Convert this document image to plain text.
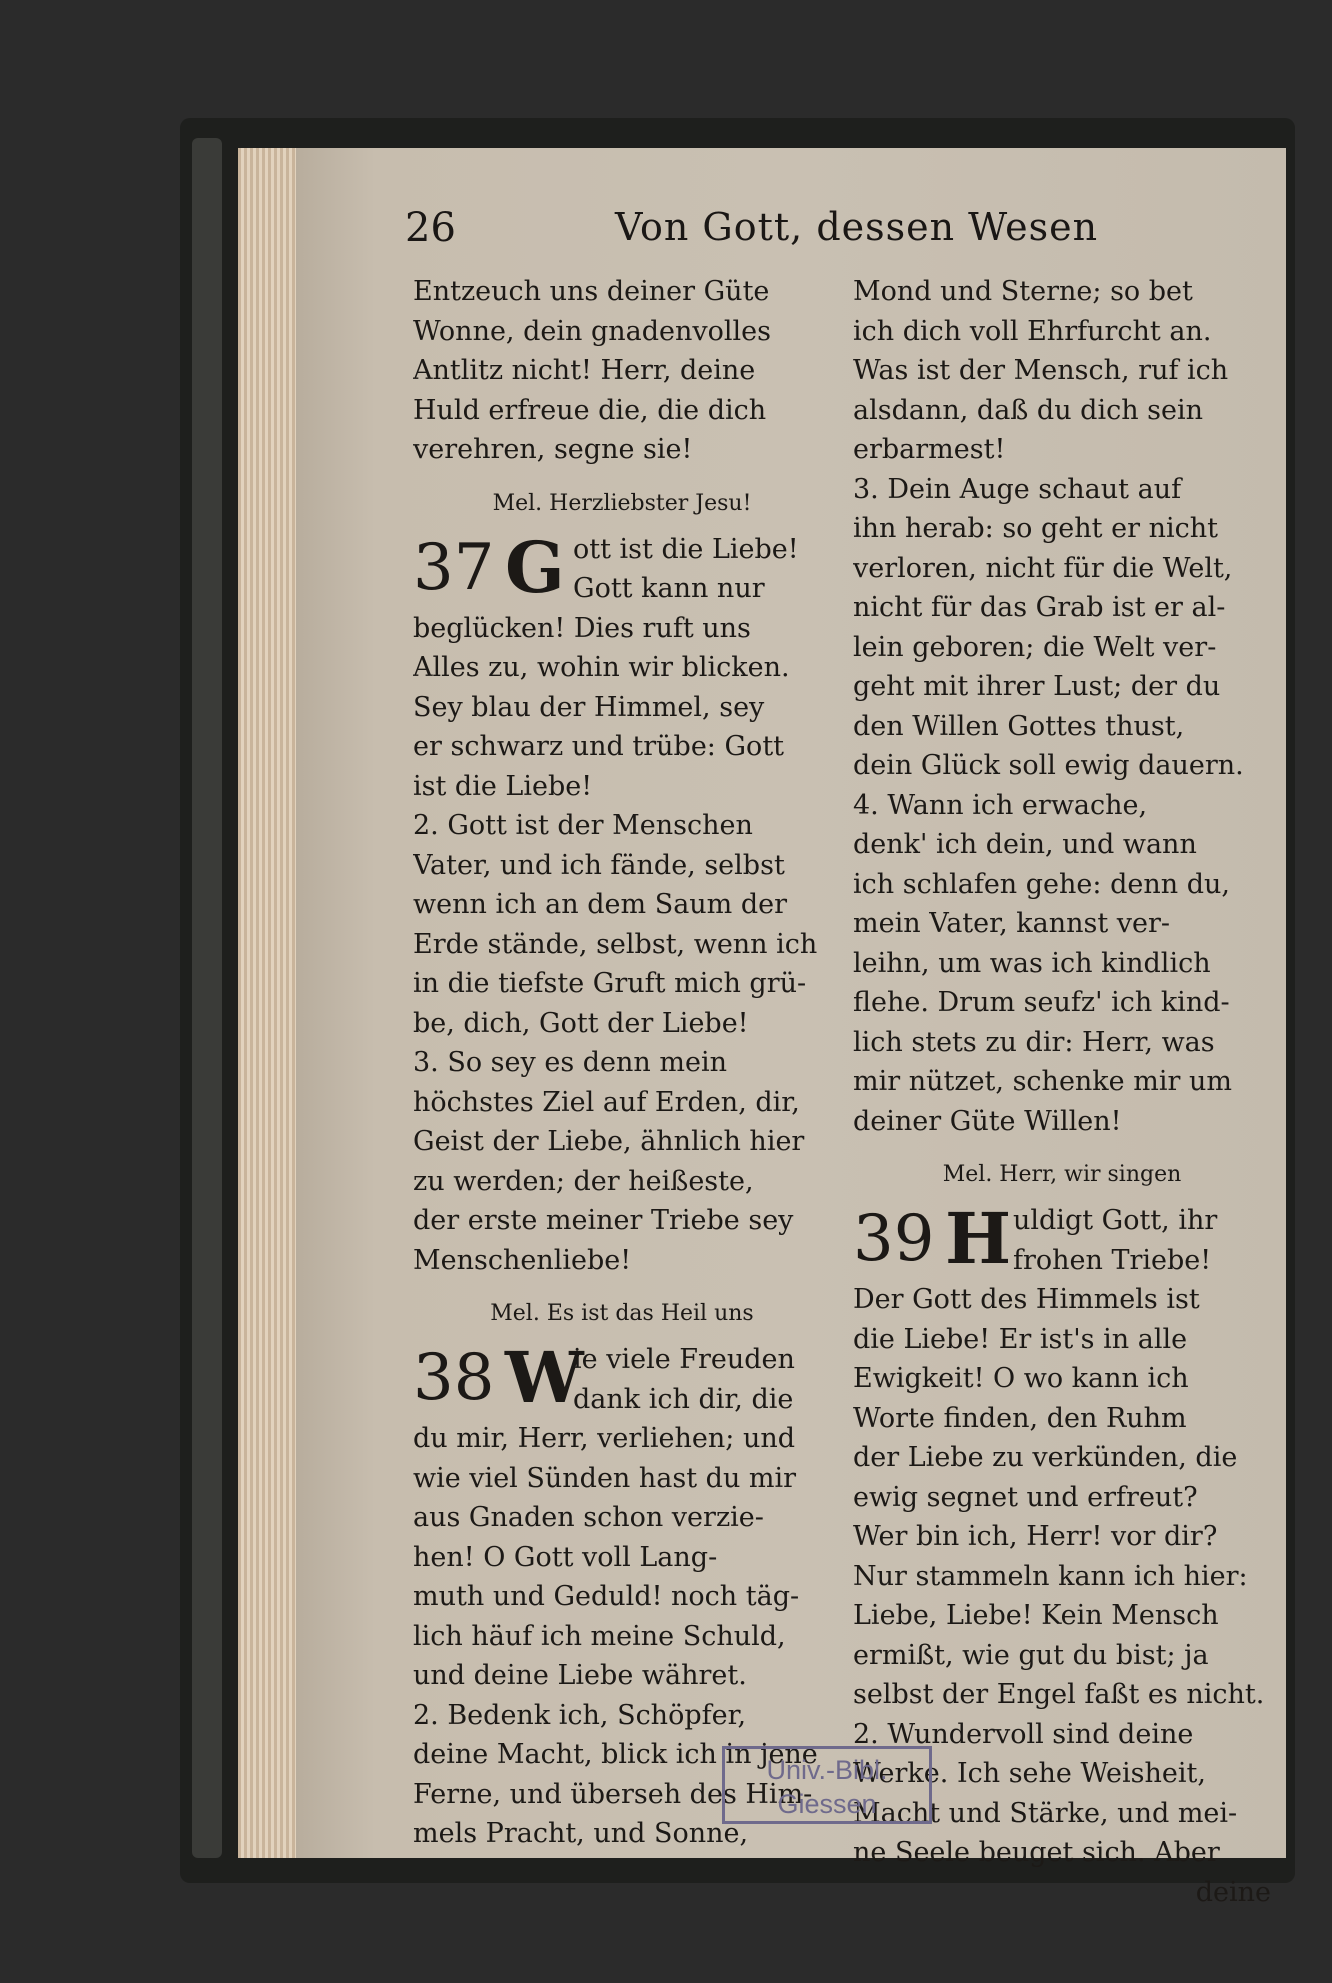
26	Von Gott, dessen Wesen
Entzeuch uns deiner Güte
Wonne, dein gnadenvolles
Antlitz nicht! Herr, deine
Huld erfreue die, die dich
verehren, segne sie!
Mel. Herzliebster Jesu!
37 G ott ist die Liebe!
Gott kann nur
beglücken! Dies ruft uns
Alles zu, wohin wir blicken.
Sey blau der Himmel, sey
er schwarz und trübe: Gott
ist die Liebe!
2. Gott ist der Menschen
Vater, und ich fände, selbst
wenn ich an dem Saum der
Erde stände, selbst, wenn ich
in die tiefste Gruft mich grü-
be, dich, Gott der Liebe!
3. So sey es denn mein
höchstes Ziel auf Erden, dir,
Geist der Liebe, ähnlich hier
zu werden; der heißeste,
der erste meiner Triebe sey
Menschenliebe!
Mel. Es ist das Heil uns
38 W
ie viele Freuden
dank ich dir, die
du mir, Herr, verliehen; und
wie viel Sünden hast du mir
aus Gnaden schon verzie-
hen! O Gott voll Lang-
muth und Geduld! noch täg-
lich häuf ich meine Schuld,
und deine Liebe währet.
2. Bedenk ich, Schöpfer,
deine Macht, blick ich in jene
Ferne, und überseh des Him-
mels Pracht, und Sonne,
Mond und Sterne; so bet
ich dich voll Ehrfurcht an.
Was ist der Mensch, ruf ich
alsdann, daß du dich sein
erbarmest!
3. Dein Auge schaut auf
ihn herab: so geht er nicht
verloren, nicht für die Welt,
nicht für das Grab ist er al-
lein geboren; die Welt ver-
geht mit ihrer Lust; der du
den Willen Gottes thust,
dein Glück soll ewig dauern.
4. Wann ich erwache,
denk' ich dein, und wann
ich schlafen gehe: denn du,
mein Vater, kannst ver-
leihn, um was ich kindlich
flehe. Drum seufz' ich kind-
lich stets zu dir: Herr, was
mir nützet, schenke mir um
deiner Güte Willen!
Mel. Herr, wir singen
39 H uldigt Gott, ihr
frohen Triebe!
Der Gott des Himmels ist
die Liebe! Er ist's in alle
Ewigkeit! O wo kann ich
Worte finden, den Ruhm
der Liebe zu verkünden, die
ewig segnet und erfreut?
Wer bin ich, Herr! vor dir?
Nur stammeln kann ich hier:
Liebe, Liebe! Kein Mensch
ermißt, wie gut du bist; ja
selbst der Engel faßt es nicht.
2. Wundervoll sind deine
Werke. Ich sehe Weisheit,
Macht und Stärke, und mei-
ne Seele beuget sich. Aber
deine
Univ.-Bibl.
Giessen
